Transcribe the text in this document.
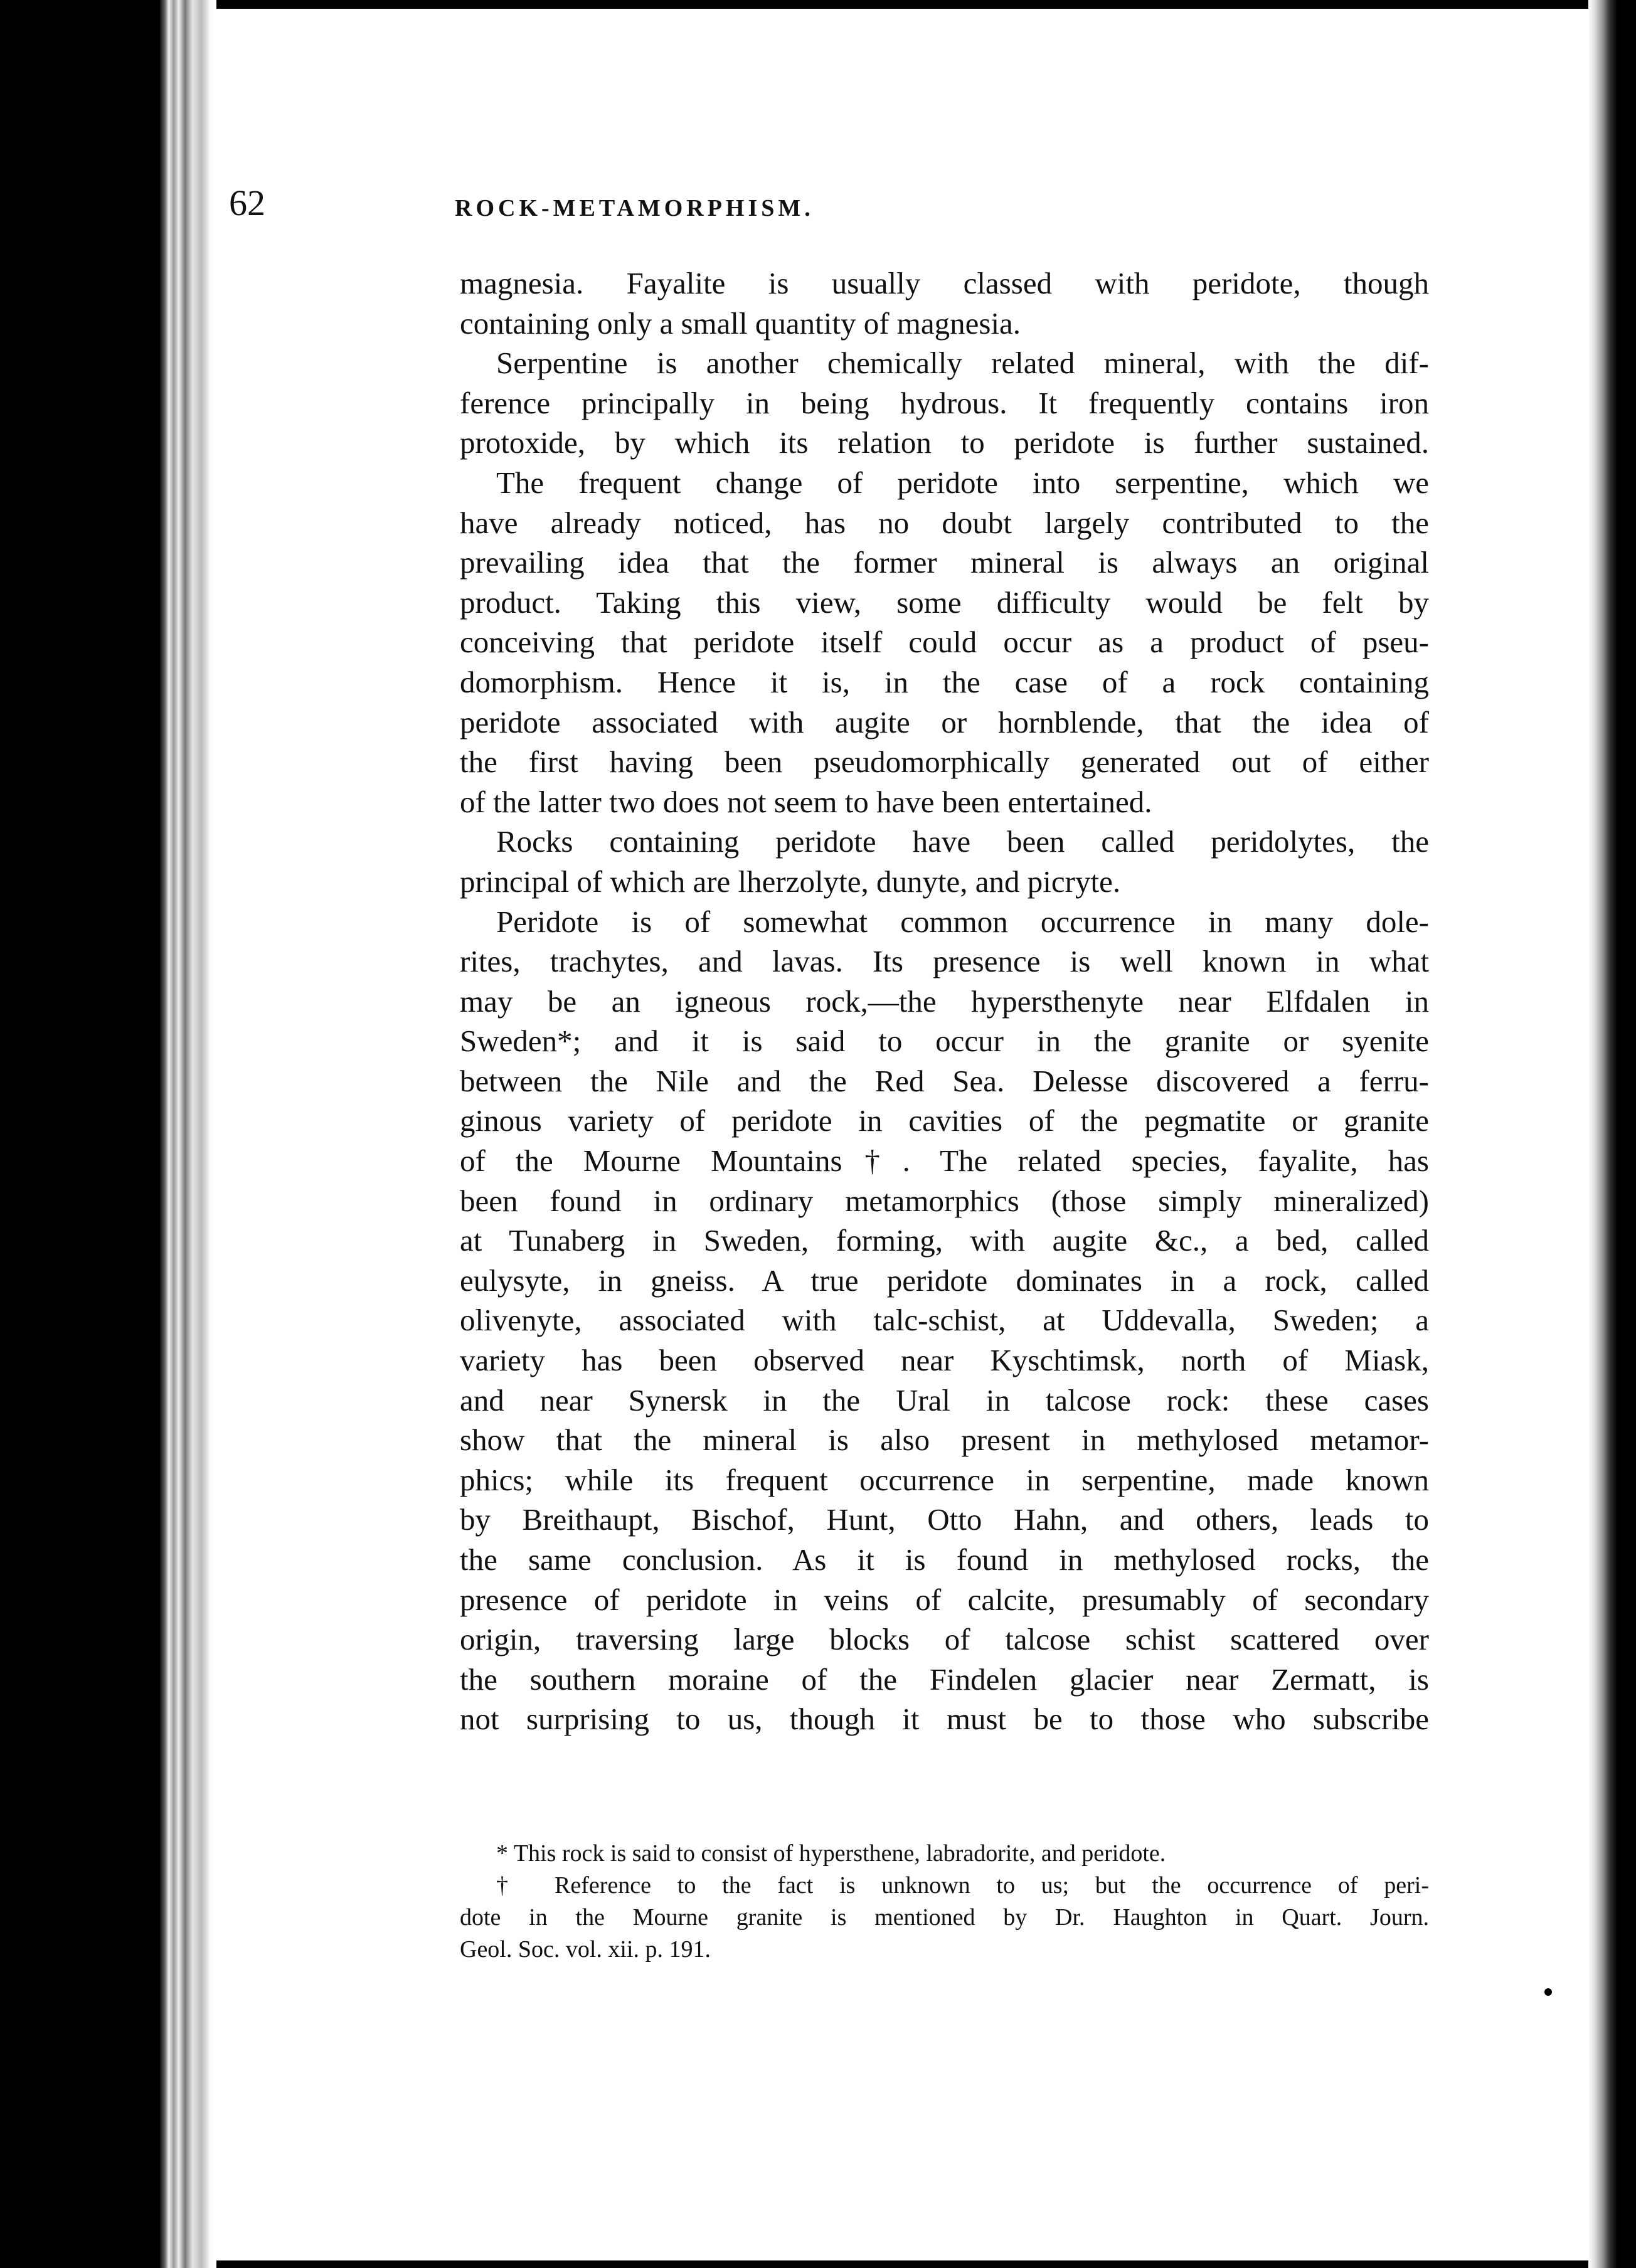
62	ROCK-METAMORPHISM.
magnesia. Fayalite is usually classed with peridote, though
containing only a small quantity of magnesia.
Serpentine is another chemically related mineral, with the dif-
ference principally in being hydrous. It frequently contains iron
protoxide, by which its relation to peridote is further sustained.
The frequent change of peridote into serpentine, which we
have already noticed, has no doubt largely contributed to the
prevailing idea that the former mineral is always an original
product. Taking this view, some difficulty would be felt by
conceiving that peridote itself could occur as a product of pseu-
domorphism. Hence it is, in the case of a rock containing
peridote associated with augite or hornblende, that the idea of
the first having been pseudomorphically generated out of either
of the latter two does not seem to have been entertained.
Rocks containing peridote have been called peridolytes, the
principal of which are lherzolyte, dunyte, and picryte.
Peridote is of somewhat common occurrence in many dole-
rites, trachytes, and lavas. Its presence is well known in what
may be an igneous rock,—the hypersthenyte near Elfdalen in
Sweden*; and it is said to occur in the granite or syenite
between the Nile and the Red Sea. Delesse discovered a ferru-
ginous variety of peridote in cavities of the pegmatite or granite
of the Mourne Mountains†. The related species, fayalite, has
been found in ordinary metamorphics (those simply mineralized)
at Tunaberg in Sweden, forming, with augite &c., a bed, called
eulysyte, in gneiss. A true peridote dominates in a rock, called
olivenyte, associated with talc-schist, at Uddevalla, Sweden; a
variety has been observed near Kyschtimsk, north of Miask,
and near Synersk in the Ural in talcose rock: these cases
show that the mineral is also present in methylosed metamor-
phics; while its frequent occurrence in serpentine, made known
by Breithaupt, Bischof, Hunt, Otto Hahn, and others, leads to
the same conclusion. As it is found in methylosed rocks, the
presence of peridote in veins of calcite, presumably of secondary
origin, traversing large blocks of talcose schist scattered over
the southern moraine of the Findelen glacier near Zermatt, is
not surprising to us, though it must be to those who subscribe
* This rock is said to consist of hypersthene, labradorite, and peridote.
† Reference to the fact is unknown to us; but the occurrence of peri-
dote in the Mourne granite is mentioned by Dr. Haughton in Quart. Journ.
Geol. Soc. vol. xii. p. 191.
